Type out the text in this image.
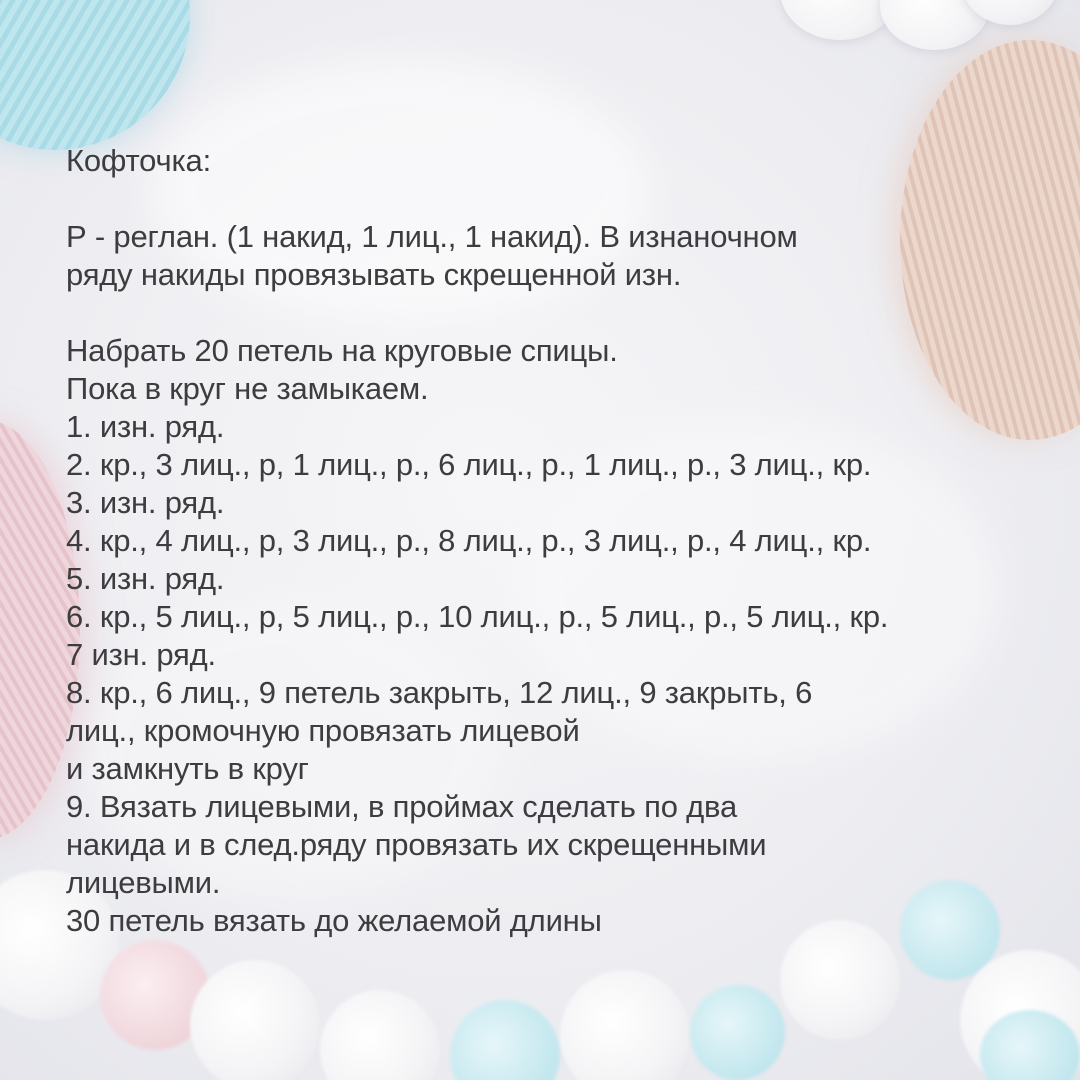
Кофточка:

Р - реглан. (1 накид, 1 лиц., 1 накид). В изнаночном

ряду накиды провязывать скрещенной изн.

Набрать 20 петель на круговые спицы.

Пока в круг не замыкаем.

1. изн. ряд.

2. кр., 3 лиц., р, 1 лиц., р., 6 лиц., р., 1 лиц., р., 3 лиц., кр.

3. изн. ряд.

4. кр., 4 лиц., р, 3 лиц., р., 8 лиц., р., 3 лиц., р., 4 лиц., кр.

5. изн. ряд.

6. кр., 5 лиц., р, 5 лиц., р., 10 лиц., р., 5 лиц., р., 5 лиц., кр.

7 изн. ряд.

8. кр., 6 лиц., 9 петель закрыть, 12 лиц., 9 закрыть, 6

лиц., кромочную провязать лицевой

и замкнуть в круг

9. Вязать лицевыми, в проймах сделать по два

накида и в след.ряду провязать их скрещенными

лицевыми.

30 петель вязать до желаемой длины
